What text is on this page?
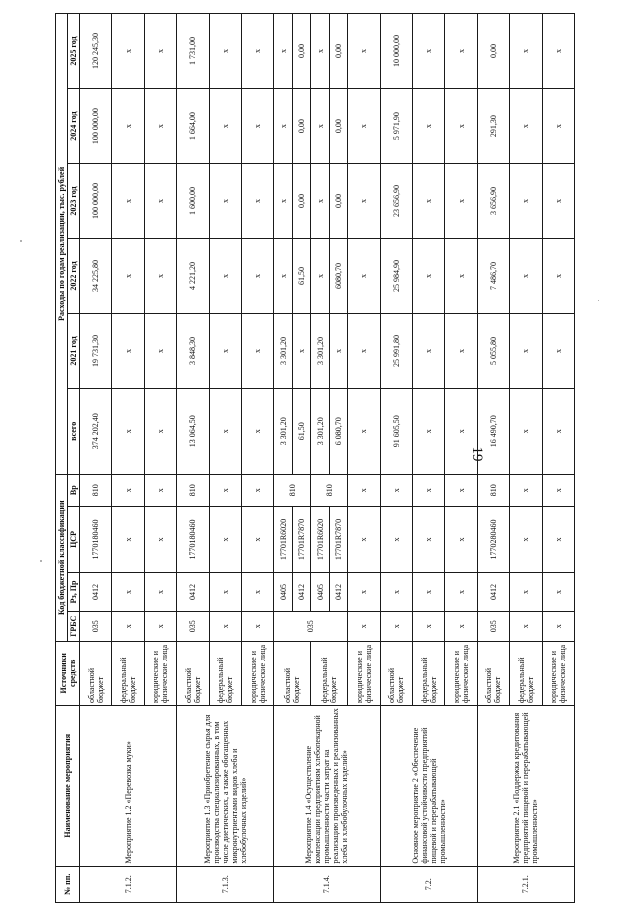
19
№ пп.	Наименование мероприятия	Источники средств	Код бюджетной классификации				Расходы по годам реализации, тыс. рублей					
			ГРБС	Рз, Пр	ЦСР	Вр	всего	2021 год	2022 год	2023 год	2024 год	2025 год
7.1.2.	Мероприятие 1.2 «Перевозка муки»	областной бюджет	035	0412	1770180460	810	374 202,40	19 731,30	34 225,80	100 000,00	100 000,00	120 245,30
		федеральный бюджет	х	х	х	х	х	х	х	х	х	х
		юридические и физические лица	х	х	х	х	х	х	х	х	х	х
7.1.3.	Мероприятие 1.3 «Приобретение сырья для производства специализированных, в том числе диетических, а также обогащенных микронутриентами видов хлеба и хлебобулочных изделий»	областной бюджет	035	0412	1770180460	810	13 064,50	3 848,30	4 221,20	1 600,00	1 664,00	1 731,00
		федеральный бюджет	х	х	х	х	х	х	х	х	х	х
		юридические и физические лица	х	х	х	х	х	х	х	х	х	х
7.1.4.	Мероприятие 1.4 «Осуществление компенсации предприятиям хлебопекарной промышленности части затрат на реализацию произведенных и реализованных хлеба и хлебобулочных изделий»	областной бюджет	035	0405	17701R6020	810	3 301,20	3 301,20	х	х	х	х
				0412	17701R7870		61,50	х	61,50	0,00	0,00	0,00
		федеральный бюджет		0405	17701R6020	810	3 301,20	3 301,20	х	х	х	х
				0412	17701R7870		6 080,70	х	6080,70	0,00	0,00	0,00
		юридические и физические лица	х	х	х	х	х	х	х	х	х	х
7.2.	Основное мероприятие 2 «Обеспечение финансовой устойчивости предприятий пищевой и перерабатывающей промышленности»	областной бюджет	х	х	х	х	91 605,50	25 991,80	25 984,90	23 656,90	5 971,90	10 000,00
		федеральный бюджет	х	х	х	х	х	х	х	х	х	х
		юридические и физические лица	х	х	х	х	х	х	х	х	х	х
7.2.1.	Мероприятие 2.1 «Поддержка кредитования предприятий пищевой и перерабатывающей промышленности»	областной бюджет	035	0412	1770280460	810	16 490,70	5 055,80	7 486,70	3 656,90	291,30	0,00
		федеральный бюджет	х	х	х	х	х	х	х	х	х	х
		юридические и физические лица	х	х	х	х	х	х	х	х	х	х
